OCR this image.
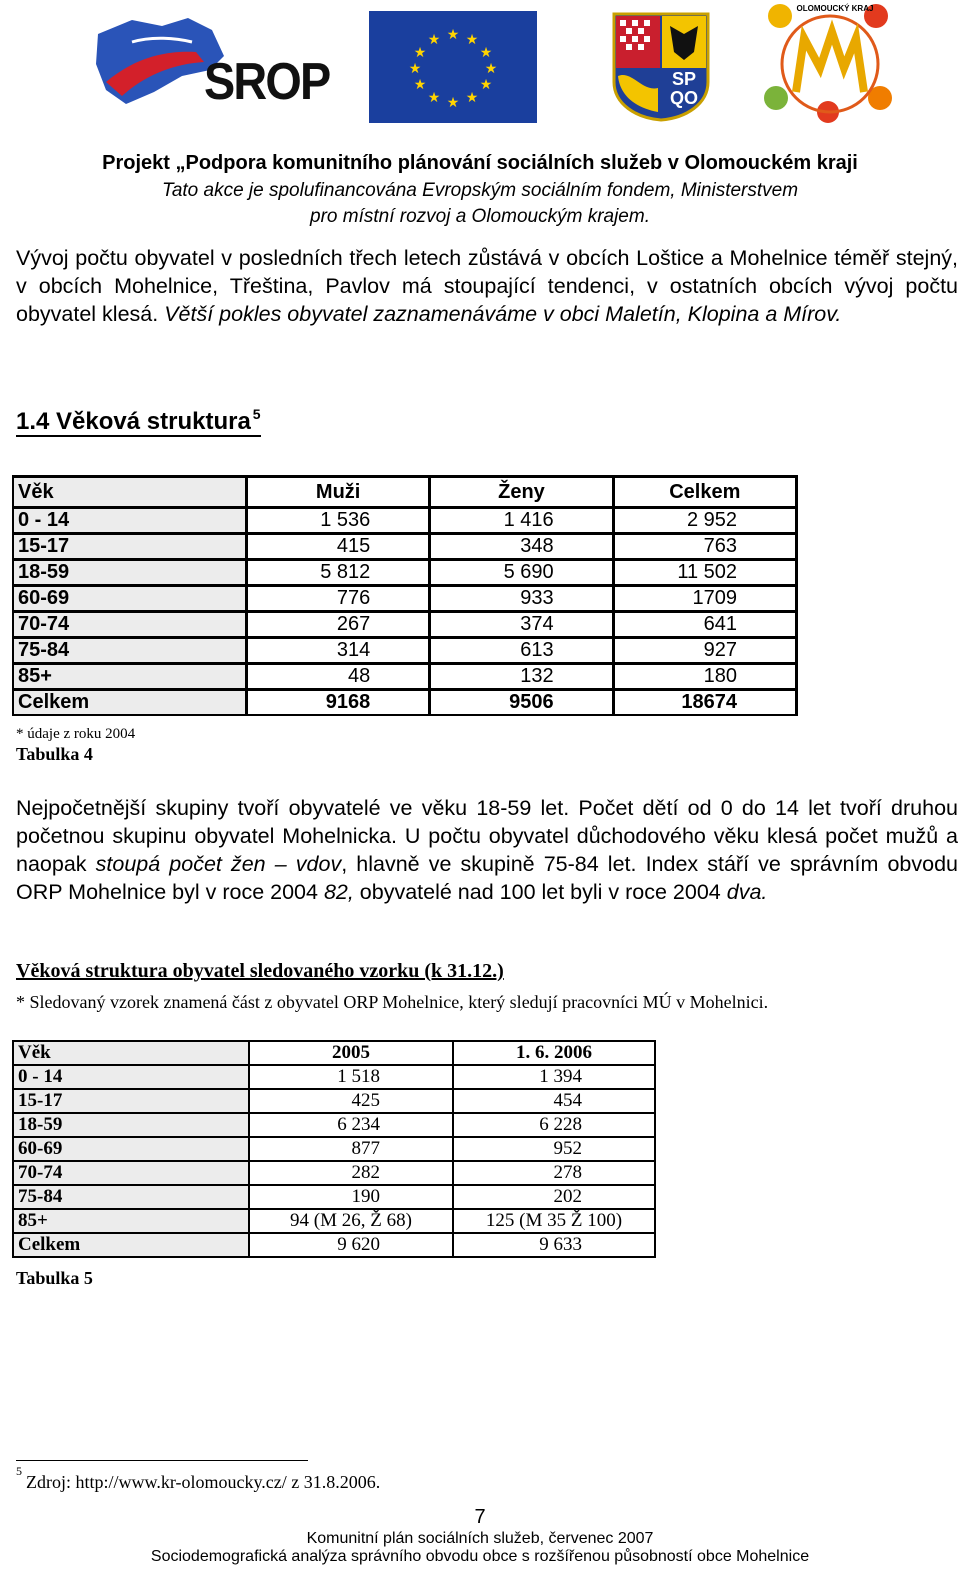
SROP
★ ★
★
★
★
★
★
★
★
★
★
★
SP QO
OLOMOUCKÝ KRAJ
Projekt „Podpora komunitního plánování sociálních služeb v Olomouckém kraji
Tato akce je spolufinancována Evropským sociálním fondem, Ministerstvem pro místní rozvoj a Olomouckým krajem.
Vývoj počtu obyvatel v posledních třech letech zůstává v obcích Loštice a Mohelnice téměř stejný, v obcích Mohelnice, Třeština, Pavlov má stoupající tendenci, v ostatních obcích vývoj počtu obyvatel klesá. Větší pokles obyvatel zaznamenáváme v obci Maletín, Klopina a Mírov.
1.4 Věková struktura $^5$
Věk	Muži	Ženy	Celkem
0 - 14	1 536	1 416	2 952
15-17	415	348	763
18-59	5 812	5 690	11 502
60-69	776	933	1709
70-74	267	374	641
75-84	314	613	927
85+	48	132	180
Celkem	9168	9506	18674
* údaje z roku 2004
Tabulka 4
Nejpočetnější skupiny tvoří obyvatelé ve věku 18-59 let. Počet dětí od 0 do 14 let tvoří druhou početnou skupinu obyvatel Mohelnicka. U počtu obyvatel důchodového věku klesá počet mužů a naopak stoupá počet žen – vdov, hlavně ve skupině 75-84 let. Index stáří ve správním obvodu ORP Mohelnice byl v roce 2004 82, obyvatelé nad 100 let byli v roce 2004 dva.
Věková struktura obyvatel sledovaného vzorku (k 31.12.)
* Sledovaný vzorek znamená část z obyvatel ORP Mohelnice, který sledují pracovníci MÚ v Mohelnici.
Věk	2005	1. 6. 2006
0 - 14	1 518	1 394
15-17	425	454
18-59	6 234	6 228
60-69	877	952
70-74	282	278
75-84	190	202
85+	94 (M 26, Ž 68)	125 (M 35 Ž 100)
Celkem	9 620	9 633
Tabulka 5
$^5$Zdroj: http://www.kr-olomoucky.cz/ z 31.8.2006.
7
Komunitní plán sociálních služeb, červenec 2007
Sociodemografická analýza správního obvodu obce s rozšířenou působností obce Mohelnice
